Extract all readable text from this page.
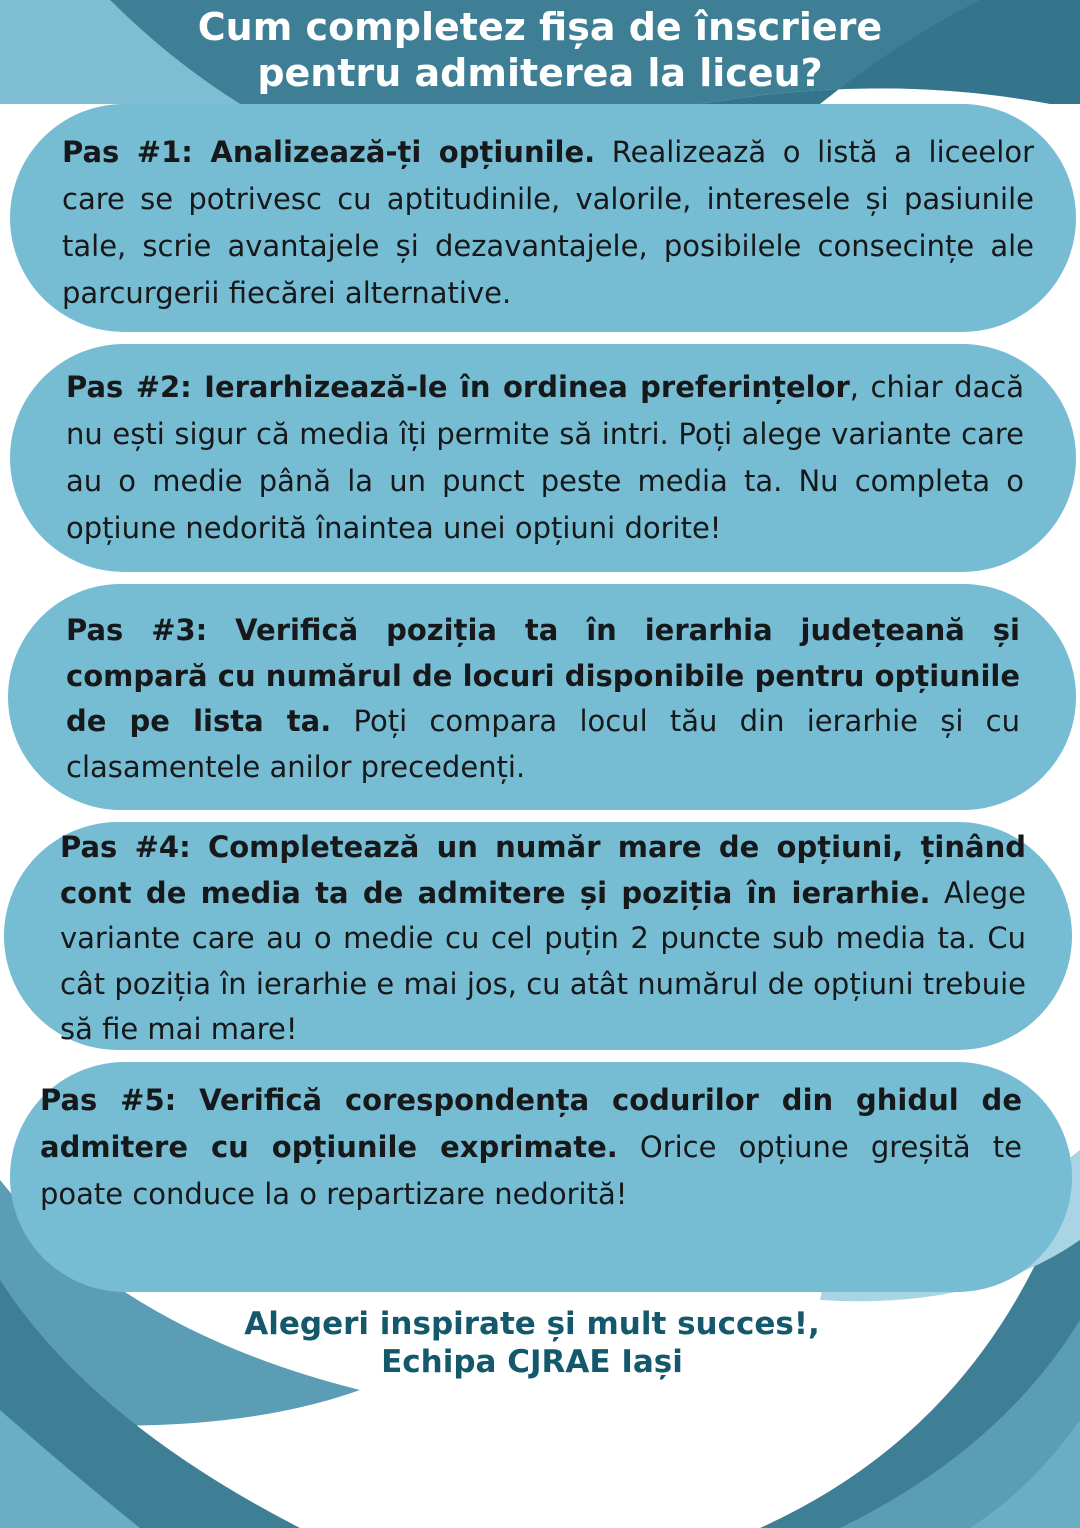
Cum completez fișa de înscriere
pentru admiterea la liceu?
Pas #1: Analizează-ți opțiunile. Realizează o listă a liceelor care se potrivesc cu aptitudinile, valorile, interesele și pasiunile tale, scrie avantajele și dezavantajele, posibilele consecințe ale parcurgerii fiecărei alternative.
Pas #2: Ierarhizează-le în ordinea preferințelor, chiar dacă nu ești sigur că media îți permite să intri. Poți alege variante care au o medie până la un punct peste media ta. Nu completa o opțiune nedorită înaintea unei opțiuni dorite!
Pas #3: Verifică poziția ta în ierarhia județeană și compară cu numărul de locuri disponibile pentru opțiunile de pe lista ta. Poți compara locul tău din ierarhie și cu clasamentele anilor precedenți.
Pas #4: Completează un număr mare de opțiuni, ținând cont de media ta de admitere și poziția în ierarhie. Alege variante care au o medie cu cel puțin 2 puncte sub media ta. Cu cât poziția în ierarhie e mai jos, cu atât numărul de opțiuni trebuie să fie mai mare!
Pas #5: Verifică corespondența codurilor din ghidul de admitere cu opțiunile exprimate. Orice opțiune greșită te poate conduce la o repartizare nedorită!
Alegeri inspirate și mult succes!,
Echipa CJRAE Iași
